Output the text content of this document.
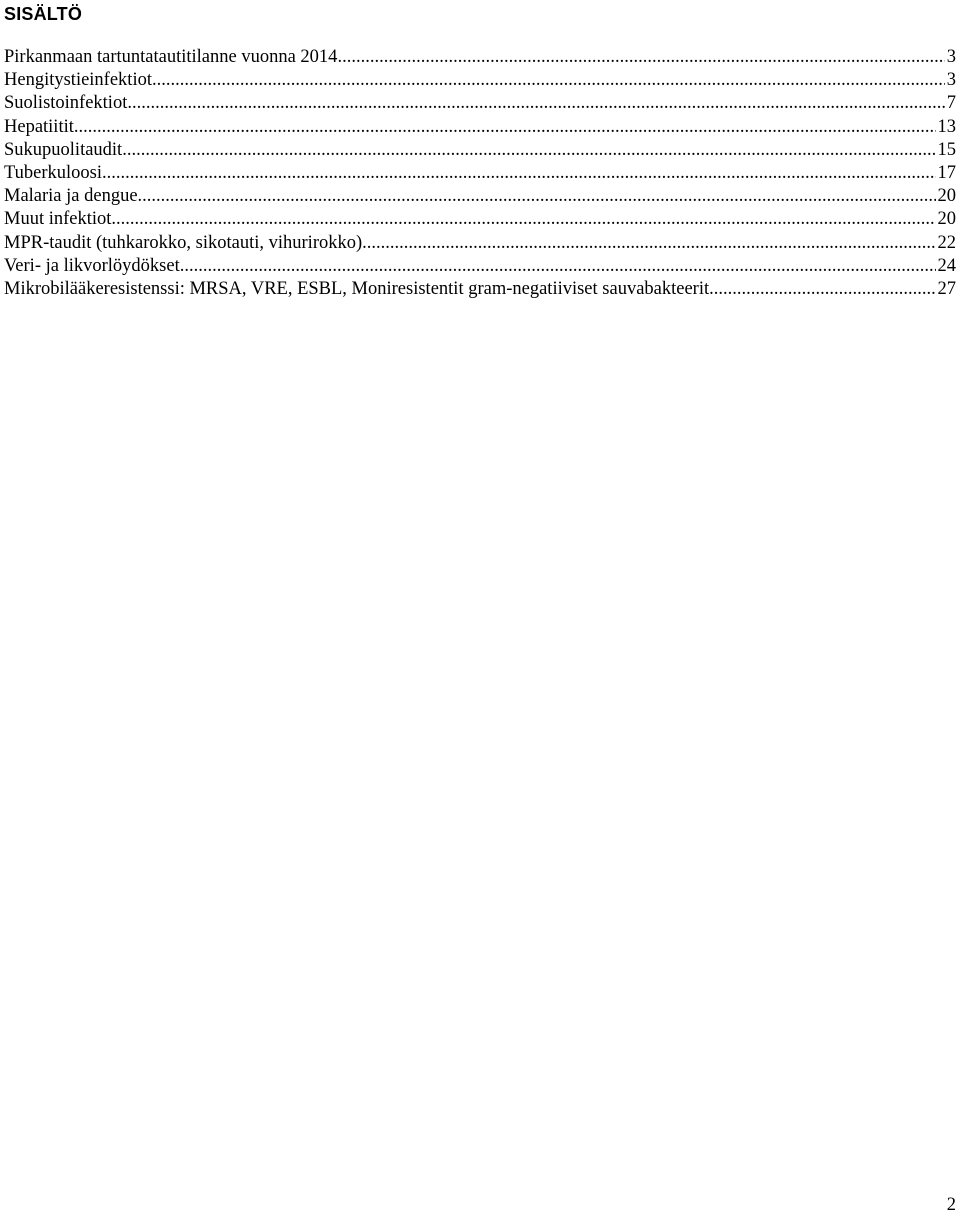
SISÄLTÖ
Pirkanmaan tartuntatautitilanne vuonna 2014 .....	3
Hengitystieinfektiot .....	3
Suolistoinfektiot .....	7
Hepatiitit .....	13
Sukupuolitaudit .....	15
Tuberkuloosi .....	17
Malaria ja dengue .....	20
Muut infektiot .....	20
MPR-taudit (tuhkarokko, sikotauti, vihurirokko) .....	22
Veri- ja likvorlöydökset .....	24
Mikrobilääkeresistenssi: MRSA, VRE, ESBL, Moniresistentit gram-negatiiviset sauvabakteerit .....	27
2
